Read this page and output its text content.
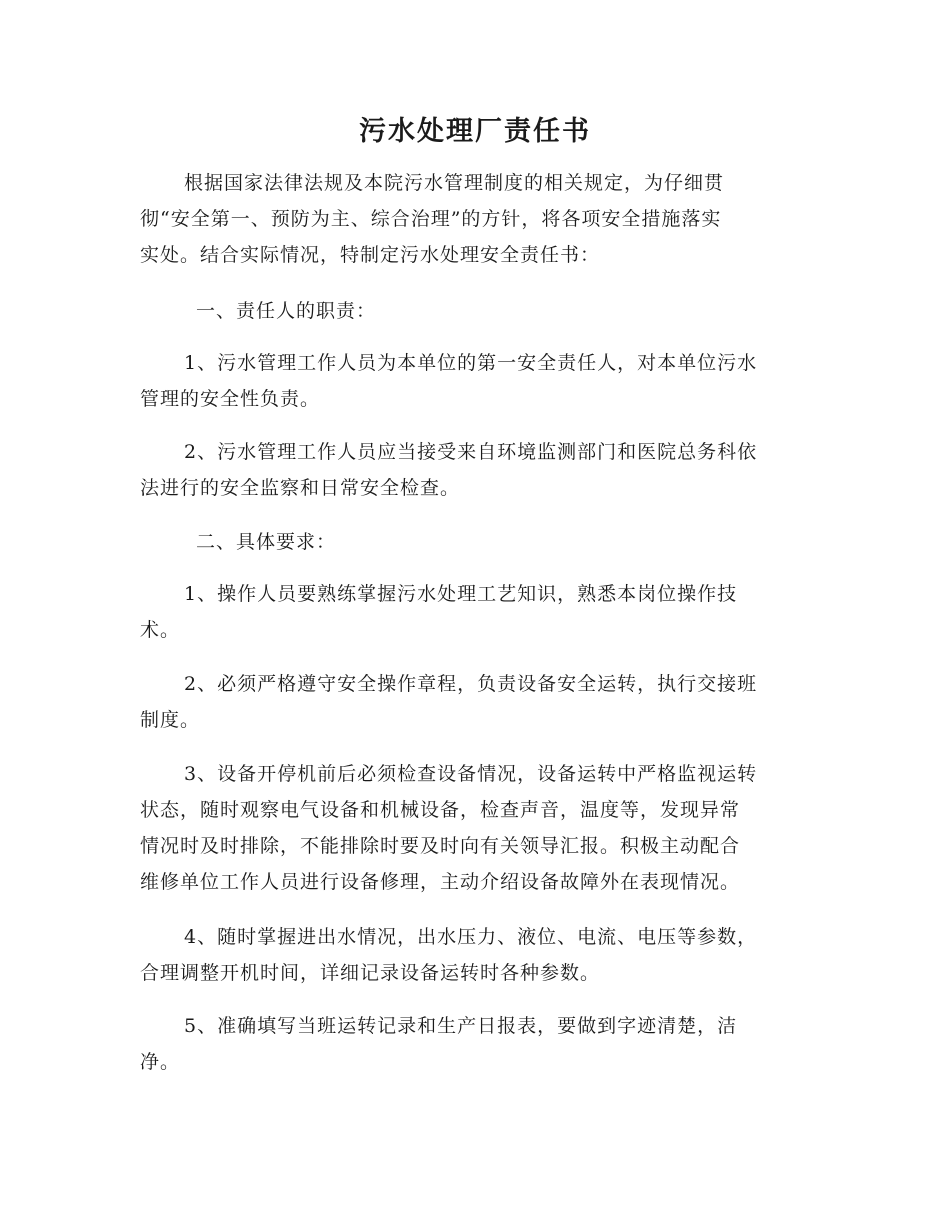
污水处理厂责任书
根据国家法律法规及本院污水管理制度的相关规定，为仔细贯
彻“安全第一、预防为主、综合治理”的方针，将各项安全措施落实
实处。结合实际情况，特制定污水处理安全责任书：

一、责任人的职责：

1、污水管理工作人员为本单位的第一安全责任人，对本单位污水
管理的安全性负责。
2、污水管理工作人员应当接受来自环境监测部门和医院总务科依
法进行的安全监察和日常安全检查。

二、具体要求：

1、操作人员要熟练掌握污水处理工艺知识，熟悉本岗位操作技
术。
2、必须严格遵守安全操作章程，负责设备安全运转，执行交接班
制度。
3、设备开停机前后必须检查设备情况，设备运转中严格监视运转
状态，随时观察电气设备和机械设备，检查声音，温度等，发现异常
情况时及时排除，不能排除时要及时向有关领导汇报。积极主动配合
维修单位工作人员进行设备修理，主动介绍设备故障外在表现情况。
4、随时掌握进出水情况，出水压力、液位、电流、电压等参数，
合理调整开机时间，详细记录设备运转时各种参数。
5、准确填写当班运转记录和生产日报表，要做到字迹清楚，洁
净。
